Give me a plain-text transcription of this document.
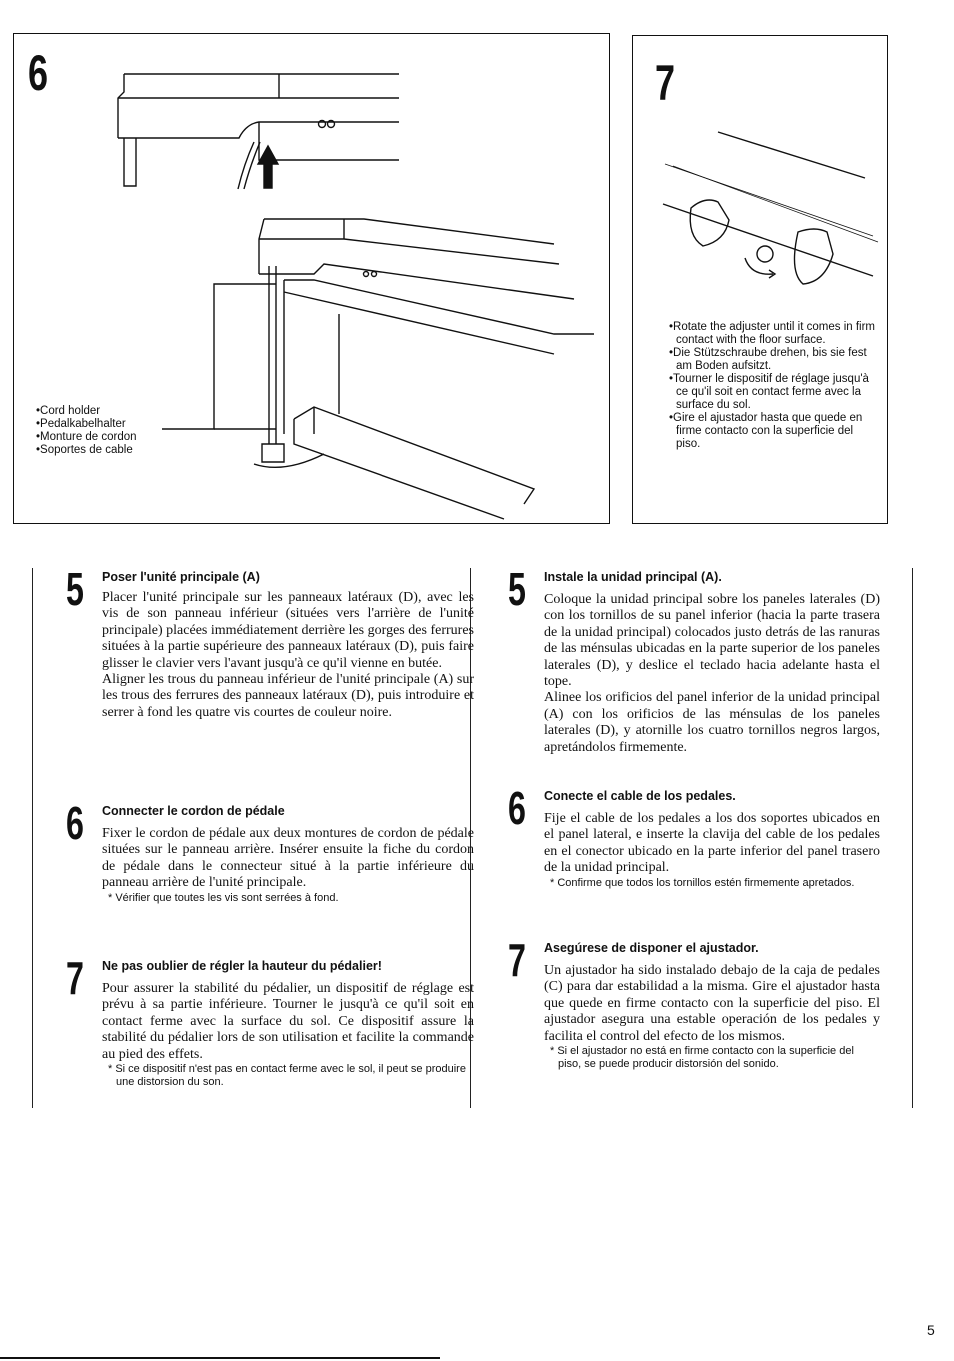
6
•Cord holder
•Pedalkabelhalter
•Monture de cordon
•Soportes de cable
7
•Rotate the adjuster until it comes in firm contact with the floor surface.
•Die Stützschraube drehen, bis sie fest am Boden aufsitzt.
•Tourner le dispositif de réglage jusqu'à ce qu'il soit en contact ferme avec la surface du sol.
•Gire el ajustador hasta que quede en firme contacto con la superficie del piso.
5 Poser l'unité principale (A)

Placer l'unité principale sur les panneaux latéraux (D), avec les vis de son panneau inférieur (situées vers l'arrière de l'unité principale) placées immédiatement derrière les gorges des ferrures situées à la partie supérieure des panneaux latéraux (D), puis faire glisser le clavier vers l'avant jusqu'à ce qu'il vienne en butée.

Aligner les trous du panneau inférieur de l'unité principale (A) sur les trous des ferrures des panneaux latéraux (D), puis introduire et serrer à fond les quatre vis courtes de couleur noire.

6 Connecter le cordon de pédale

Fixer le cordon de pédale aux deux montures de cordon de pédale situées sur le panneau arrière. Insérer ensuite la fiche du cordon de pédale dans le connecteur situé à la partie inférieure du panneau arrière de l'unité principale.

* Vérifier que toutes les vis sont serrées à fond.

7 Ne pas oublier de régler la hauteur du pédalier!

Pour assurer la stabilité du pédalier, un dispositif de réglage est prévu à sa partie inférieure. Tourner le jusqu'à ce qu'il soit en contact ferme avec la surface du sol. Ce dispositif assure la stabilité du pédalier lors de son utilisation et facilite la commande au pied des effets.

* Si ce dispositif n'est pas en contact ferme avec le sol, il peut se produire une distorsion du son.

5 Instale la unidad principal (A).

Coloque la unidad principal sobre los paneles laterales (D) con los tornillos de su panel inferior (hacia la parte trasera de la unidad principal) colocados justo detrás de las ranuras de las ménsulas ubicadas en la parte superior de los paneles laterales (D), y deslice el teclado hacia adelante hasta el tope.

Alinee los orificios del panel inferior de la unidad principal (A) con los orificios de las ménsulas de los paneles laterales (D), y atornille los cuatro tornillos negros largos, apretándolos firmemente.

6 Conecte el cable de los pedales.

Fije el cable de los pedales a los dos soportes ubicados en el panel lateral, e inserte la clavija del cable de los pedales en el conector ubicado en la parte inferior del panel trasero de la unidad principal.

* Confirme que todos los tornillos estén firmemente apretados.

7 Asegúrese de disponer el ajustador.

Un ajustador ha sido instalado debajo de la caja de pedales (C) para dar estabilidad a la misma. Gire el ajustador hasta que quede en firme contacto con la superficie del piso. El ajustador asegura una estable operación de los pedales y facilita el control del efecto de los mismos.

* Si el ajustador no está en firme contacto con la superficie del piso, se puede producir distorsión del sonido.

5
